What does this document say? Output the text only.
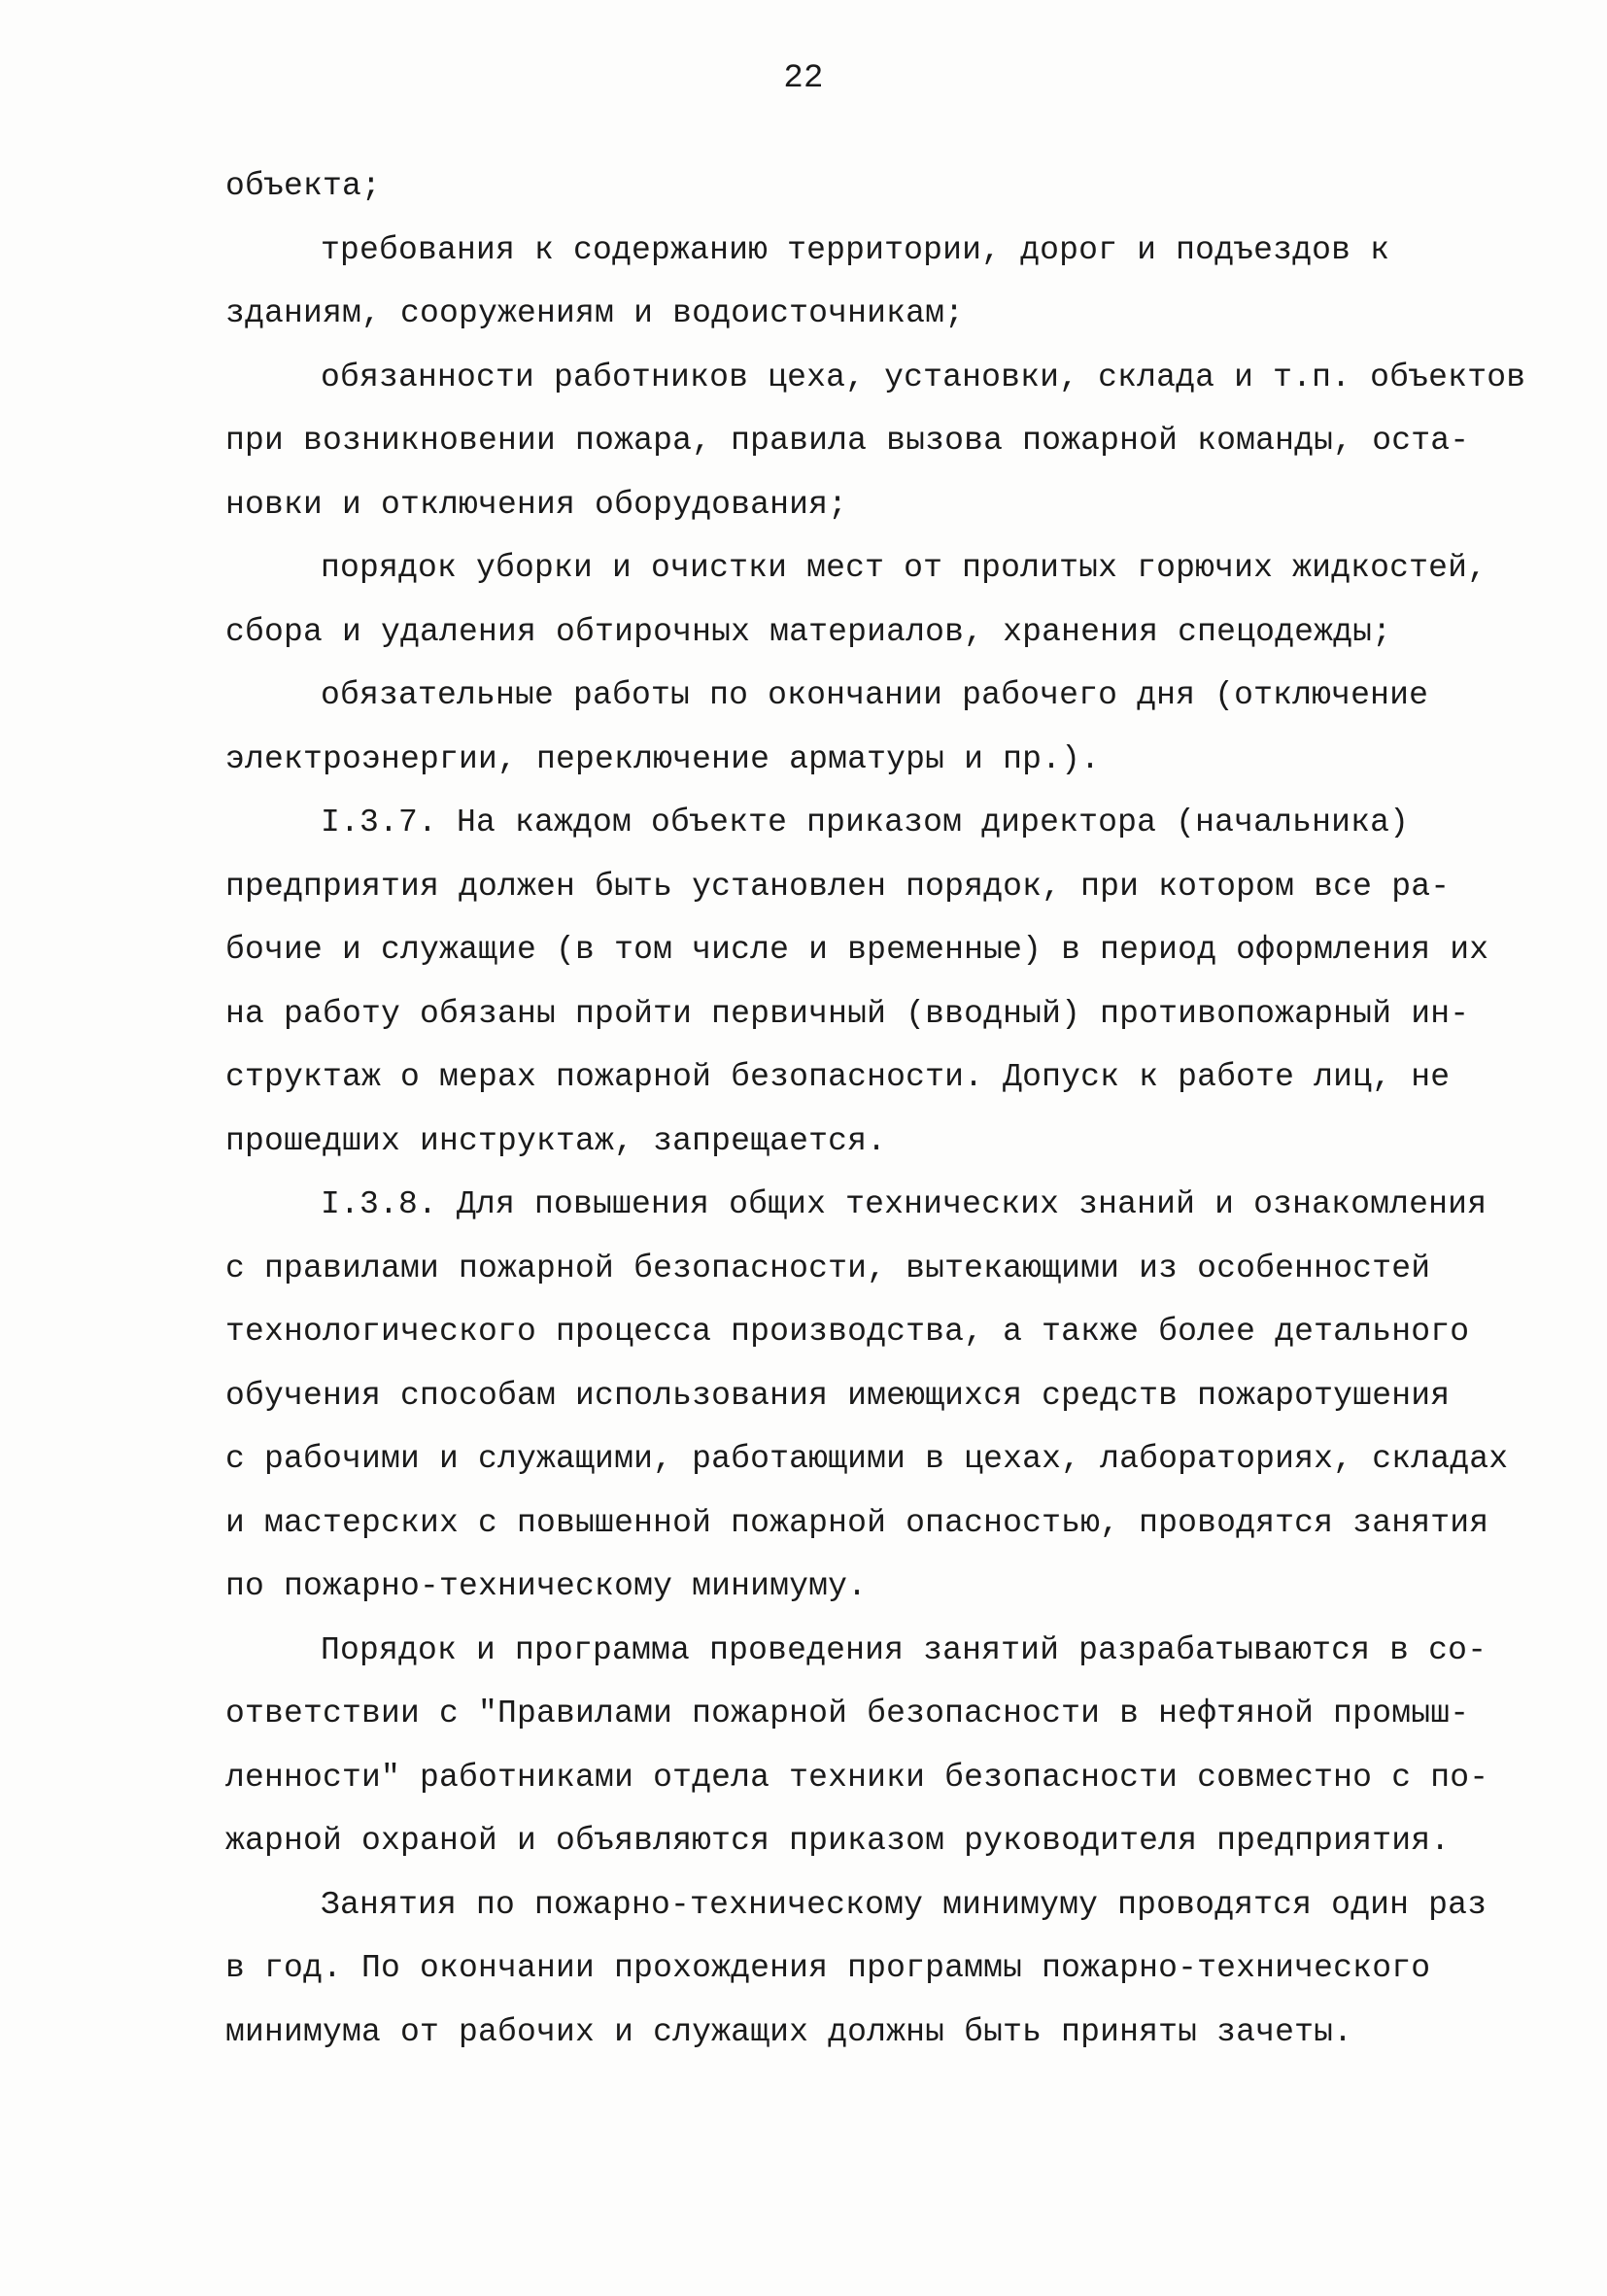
22
объекта;
требования к содержанию территории, дорог и подъездов к
зданиям, сооружениям и водоисточникам;
обязанности работников цеха, установки, склада и т.п. объектов
при возникновении пожара, правила вызова пожарной команды, оста-
новки и отключения оборудования;
порядок уборки и очистки мест от пролитых горючих жидкостей,
сбора и удаления обтирочных материалов, хранения спецодежды;
обязательные работы по окончании рабочего дня (отключение
электроэнергии, переключение арматуры и пр.).
I.3.7. На каждом объекте приказом директора (начальника)
предприятия должен быть установлен порядок, при котором все ра-
бочие и служащие (в том числе и временные) в период оформления их
на работу обязаны пройти первичный (вводный) противопожарный ин-
структаж о мерах пожарной безопасности. Допуск к работе лиц, не
прошедших инструктаж, запрещается.
I.3.8. Для повышения общих технических знаний и ознакомления
с правилами пожарной безопасности, вытекающими из особенностей
технологического процесса производства, а также более детального
обучения способам использования имеющихся средств пожаротушения
с рабочими и служащими, работающими в цехах, лабораториях, складах
и мастерских с повышенной пожарной опасностью, проводятся занятия
по пожарно-техническому минимуму.
Порядок и программа проведения занятий разрабатываются в со-
ответствии с "Правилами пожарной безопасности в нефтяной промыш-
ленности" работниками отдела техники безопасности совместно с по-
жарной охраной и объявляются приказом руководителя предприятия.
Занятия по пожарно-техническому минимуму проводятся один раз
в год. По окончании прохождения программы пожарно-технического
минимума от рабочих и служащих должны быть приняты зачеты.
